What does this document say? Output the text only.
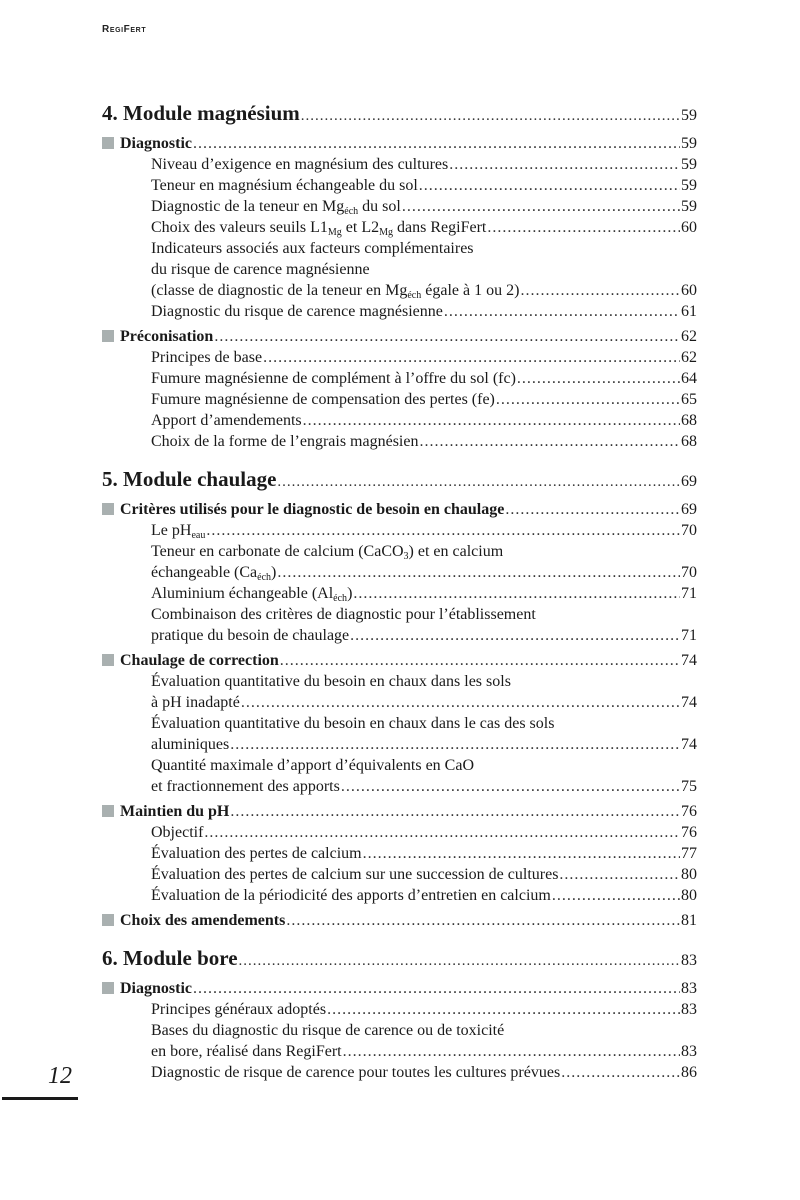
RegiFert
4. Module magnésium .....	59
Diagnostic .....	59
Niveau d’exigence en magnésium des cultures .....	59
Teneur en magnésium échangeable du sol .....	59
Diagnostic de la teneur en $Mg_{éch}$ du sol .....	59
Choix des valeurs seuils $L1_{Mg}$ et $L2_{Mg}$ dans RegiFert .....	60
Indicateurs associés aux facteurs complémentaires
du risque de carence magnésienne
(classe de diagnostic de la teneur en $Mg_{éch}$ égale à 1 ou 2) .....	60
Diagnostic du risque de carence magnésienne .....	61
Préconisation .....	62
Principes de base .....	62
Fumure magnésienne de complément à l’offre du sol (fc) .....	64
Fumure magnésienne de compensation des pertes (fe) .....	65
Apport d’amendements .....	68
Choix de la forme de l’engrais magnésien .....	68
5. Module chaulage .....	69
Critères utilisés pour le diagnostic de besoin en chaulage .....	69
Le $pH_{eau}$ .....	70
Teneur en carbonate de calcium (CaCO$_3$) et en calcium
échangeable $(Ca_{éch})$ .....	70
Aluminium échangeable $(Al_{éch})$ .....	71
Combinaison des critères de diagnostic pour l’établissement
pratique du besoin de chaulage .....	71
Chaulage de correction .....	74
Évaluation quantitative du besoin en chaux dans les sols
à pH inadapté .....	74
Évaluation quantitative du besoin en chaux dans le cas des sols
aluminiques .....	74
Quantité maximale d’apport d’équivalents en CaO
et fractionnement des apports .....	75
Maintien du pH .....	76
Objectif .....	76
Évaluation des pertes de calcium .....	77
Évaluation des pertes de calcium sur une succession de cultures .....	80
Évaluation de la périodicité des apports d’entretien en calcium .....	80
Choix des amendements .....	81
6. Module bore .....	83
Diagnostic .....	83
Principes généraux adoptés .....	83
Bases du diagnostic du risque de carence ou de toxicité
en bore, réalisé dans RegiFert .....	83
Diagnostic de risque de carence pour toutes les cultures prévues .....	86
12
